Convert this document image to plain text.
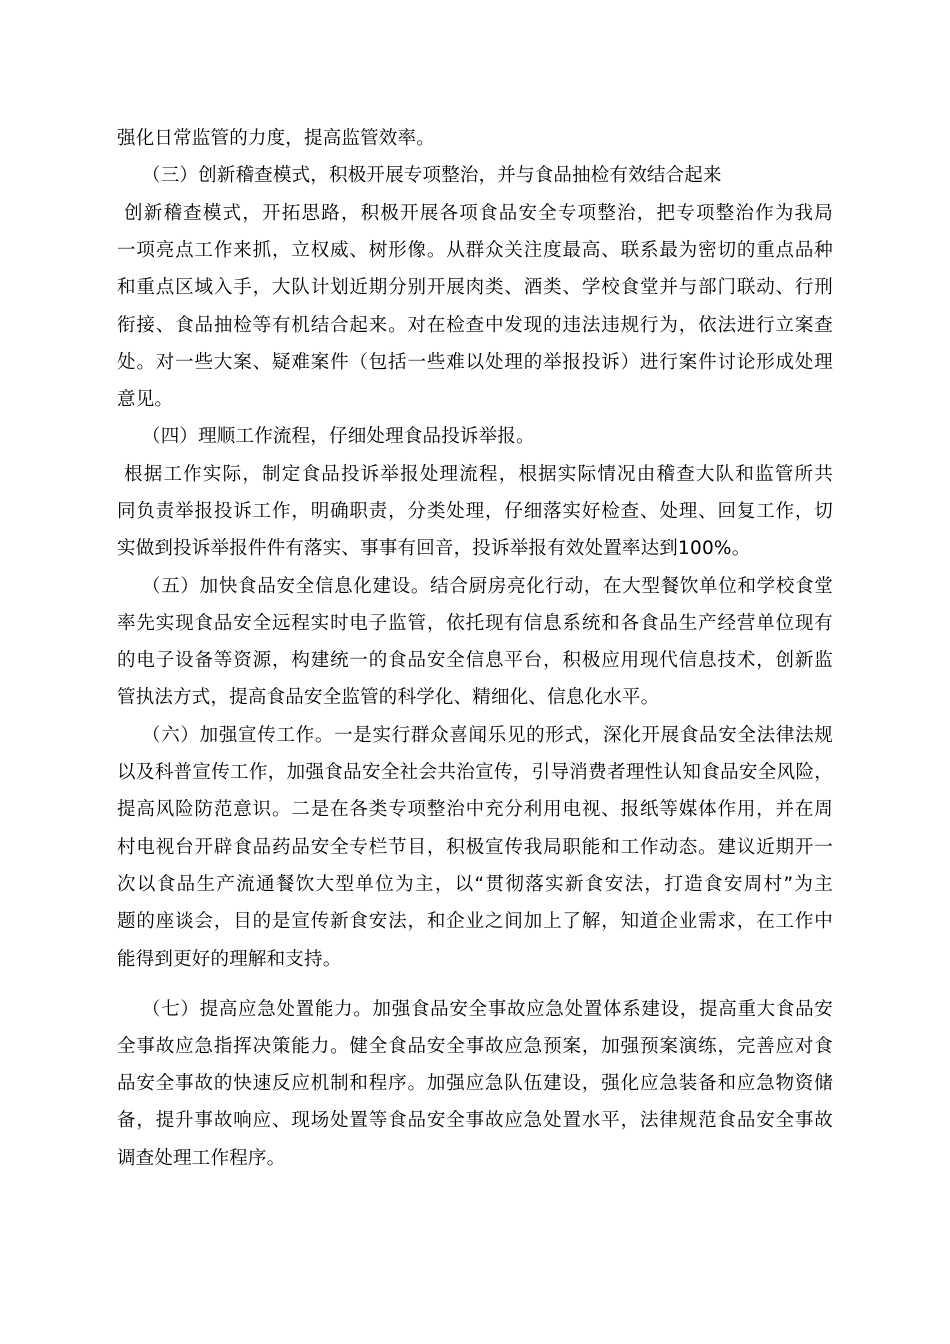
强化日常监管的力度，提高监管效率。
（三）创新稽查模式，积极开展专项整治，并与食品抽检有效结合起来
创新稽查模式，开拓思路，积极开展各项食品安全专项整治，把专项整治作为我局
一项亮点工作来抓，立权威、树形像。从群众关注度最高、联系最为密切的重点品种
和重点区域入手，大队计划近期分别开展肉类、酒类、学校食堂并与部门联动、行刑
衔接、食品抽检等有机结合起来。对在检查中发现的违法违规行为，依法进行立案查
处。对一些大案、疑难案件（包括一些难以处理的举报投诉）进行案件讨论形成处理
意见。
（四）理顺工作流程，仔细处理食品投诉举报。
根据工作实际，制定食品投诉举报处理流程，根据实际情况由稽查大队和监管所共
同负责举报投诉工作，明确职责，分类处理，仔细落实好检查、处理、回复工作，切
实做到投诉举报件件有落实、事事有回音，投诉举报有效处置率达到100%。
（五）加快食品安全信息化建设。结合厨房亮化行动，在大型餐饮单位和学校食堂
率先实现食品安全远程实时电子监管，依托现有信息系统和各食品生产经营单位现有
的电子设备等资源，构建统一的食品安全信息平台，积极应用现代信息技术，创新监
管执法方式，提高食品安全监管的科学化、精细化、信息化水平。
（六）加强宣传工作。一是实行群众喜闻乐见的形式，深化开展食品安全法律法规
以及科普宣传工作，加强食品安全社会共治宣传，引导消费者理性认知食品安全风险，
提高风险防范意识。二是在各类专项整治中充分利用电视、报纸等媒体作用，并在周
村电视台开辟食品药品安全专栏节目，积极宣传我局职能和工作动态。建议近期开一
次以食品生产流通餐饮大型单位为主，以“贯彻落实新食安法，打造食安周村”为主
题的座谈会，目的是宣传新食安法，和企业之间加上了解，知道企业需求，在工作中
能得到更好的理解和支持。
（七）提高应急处置能力。加强食品安全事故应急处置体系建设，提高重大食品安
全事故应急指挥决策能力。健全食品安全事故应急预案，加强预案演练，完善应对食
品安全事故的快速反应机制和程序。加强应急队伍建设，强化应急装备和应急物资储
备，提升事故响应、现场处置等食品安全事故应急处置水平，法律规范食品安全事故
调查处理工作程序。
